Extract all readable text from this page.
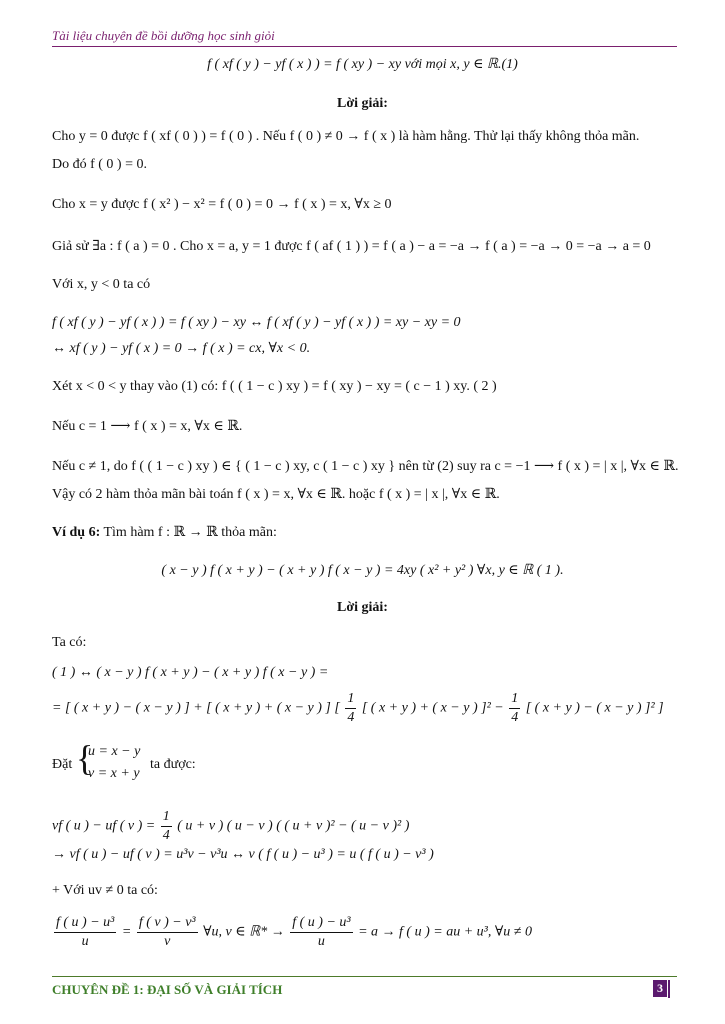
Tài liệu chuyên đề bồi dưỡng học sinh giỏi
f ( xf ( y ) − yf ( x ) ) = f ( xy ) − xy với mọi x, y ∈ ℝ.(1)
Lời giải:
Cho y = 0 được f ( xf ( 0 ) ) = f ( 0 ) . Nếu f ( 0 ) ≠ 0 → f ( x ) là hàm hằng. Thử lại thấy không thỏa mãn.
Do đó f ( 0 ) = 0.
Cho x = y được f ( x² ) − x² = f ( 0 ) = 0 → f ( x ) = x, ∀x ≥ 0
Giả sử ∃a : f ( a ) = 0 . Cho x = a, y = 1 được f ( af ( 1 ) ) = f ( a ) − a = −a → f ( a ) = −a → 0 = −a → a = 0
Với x, y < 0 ta có
f ( xf ( y ) − yf ( x ) ) = f ( xy ) − xy ↔ f ( xf ( y ) − yf ( x ) ) = xy − xy = 0
↔ xf ( y ) − yf ( x ) = 0 → f ( x ) = cx, ∀x < 0.
Xét x < 0 < y thay vào (1) có: f ( ( 1 − c ) xy ) = f ( xy ) − xy = ( c − 1 ) xy. ( 2 )
Nếu c = 1 ⟶ f ( x ) = x, ∀x ∈ ℝ.
Nếu c ≠ 1, do f ( ( 1 − c ) xy ) ∈ { ( 1 − c ) xy, c ( 1 − c ) xy } nên từ (2) suy ra c = −1 ⟶ f ( x ) = | x |, ∀x ∈ ℝ.
Vậy có 2 hàm thỏa mãn bài toán f ( x ) = x, ∀x ∈ ℝ. hoặc f ( x ) = | x |, ∀x ∈ ℝ.
Ví dụ 6: Tìm hàm f : ℝ → ℝ thỏa mãn:
( x − y ) f ( x + y ) − ( x + y ) f ( x − y ) = 4xy ( x² + y² ) ∀x, y ∈ ℝ ( 1 ).
Lời giải:
Ta có:
( 1 ) ↔ ( x − y ) f ( x + y ) − ( x + y ) f ( x − y ) =
= [ ( x + y ) − ( x − y ) ] + [ ( x + y ) + ( x − y ) ] [ $\frac{1}{4}$ [ ( x + y ) + ( x − y ) ]$^2 - \frac{1}{4}$ [ ( x + y ) − ( x − y ) ]² ]
Đặt {
u = x − y
v = x + y
ta được:
vf ( u ) − uf ( v ) = $\frac{1}{4}$ ( u + v ) ( u − v ) ( ( u + v )² − ( u − v )² )
→ vf ( u ) − uf ( v ) = u³v − v³u ↔ v ( f ( u ) − u³ ) = u ( f ( u ) − v³ )
+ Với uv ≠ 0 ta có:
$\frac{\text{f ( u ) − u³}}{u} = \frac{\text{f ( v ) − v³}}{v}$ ∀u, v ∈ ℝ* → $\frac{\text{f ( u ) − u³}}{u} = a \to f$ ( u ) = au + u³, ∀u ≠ 0
CHUYÊN ĐỀ 1: ĐẠI SỐ VÀ GIẢI TÍCH	3
